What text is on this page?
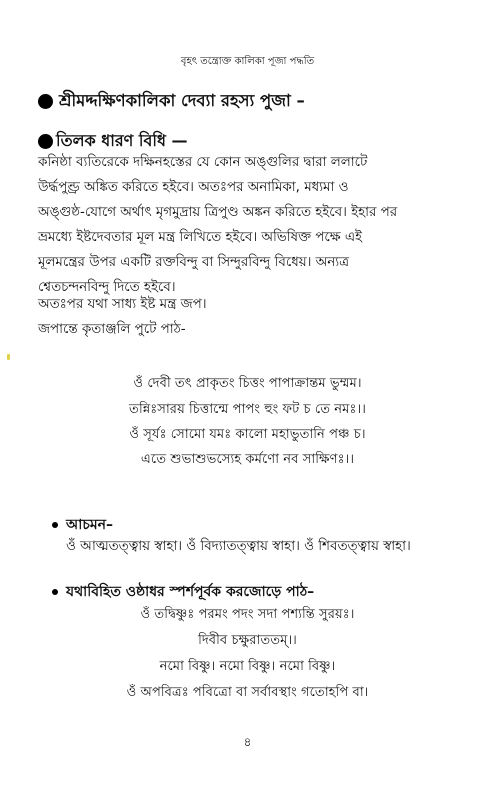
বৃহৎ তন্ত্রোক্ত কালিকা পূজা পদ্ধতি
শ্রীমদ্দক্ষিণকালিকা দেব্যা রহস্য পুজা –
তিলক ধারণ বিধি —
কনিষ্ঠা ব্যতিরেকে দক্ষিনহস্তের যে কোন অঙ্গুলির দ্বারা ললাটে
উর্দ্ধপুণ্ড্র অঙ্কিত করিতে হইবে। অতঃপর অনামিকা, মধ্যমা ও
অঙ্গুষ্ঠ-যোগে অর্থাৎ মৃগমুদ্রায় ত্রিপুণ্ড অঙ্কন করিতে হইবে। ইহার পর
ভ্রমধ্যে ইষ্টদেবতার মূল মন্ত্র লিখিতে হইবে। অভিষিক্ত পক্ষে এই
মূলমন্ত্রের উপর একটি রক্তবিন্দু বা সিন্দুরবিন্দু বিধেয়। অন্যত্র
শ্বেতচন্দনবিন্দু দিতে হইবে।
অতঃপর যথা সাধ্য ইষ্ট মন্ত্র জপ।
জপান্তে কৃতাঞ্জলি পুটে পাঠ-
ওঁ দেবী তৎ প্রাকৃতং চিত্তং পাপাক্রান্তম ভুম্মম।
তন্নিঃসারয় চিত্তান্মে পাপং হুং ফট চ তে নমঃ।।
ওঁ সূর্যঃ সোমো যমঃ কালো মহাভুতানি পঞ্চ চ।
এতে শুভাশুভস্যেহ কর্মণো নব সাক্ষিণঃ।।
আচমন–
ওঁ আত্মতত্ত্বায় স্বাহা। ওঁ বিদ্যাতত্ত্বায় স্বাহা। ওঁ শিবতত্ত্বায় স্বাহা।
যথাবিহিত ওষ্ঠাধর স্পর্শপূর্বক করজোড়ে পাঠ–
ওঁ তদ্বিষ্ণুঃ পরমং পদং সদা পশ্যন্তি সুরয়ঃ।
দিবীব চক্ষুরাততম্।।
নমো বিষ্ণু। নমো বিষ্ণু। নমো বিষ্ণু।
ওঁ অপবিত্রঃ পবিত্রো বা সর্বাবস্থাং গতোহপি বা।
৪
